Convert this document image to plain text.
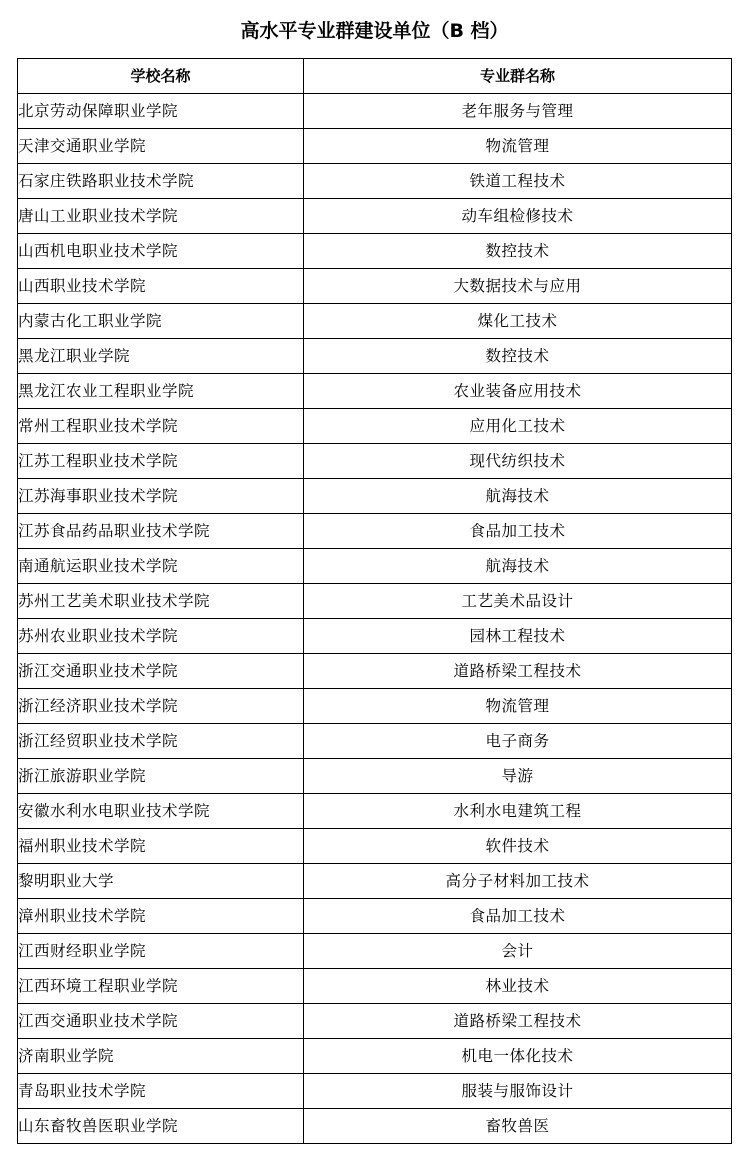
高水平专业群建设单位（B 档）
学校名称	专业群名称
北京劳动保障职业学院	老年服务与管理
天津交通职业学院	物流管理
石家庄铁路职业技术学院	铁道工程技术
唐山工业职业技术学院	动车组检修技术
山西机电职业技术学院	数控技术
山西职业技术学院	大数据技术与应用
内蒙古化工职业学院	煤化工技术
黑龙江职业学院	数控技术
黑龙江农业工程职业学院	农业装备应用技术
常州工程职业技术学院	应用化工技术
江苏工程职业技术学院	现代纺织技术
江苏海事职业技术学院	航海技术
江苏食品药品职业技术学院	食品加工技术
南通航运职业技术学院	航海技术
苏州工艺美术职业技术学院	工艺美术品设计
苏州农业职业技术学院	园林工程技术
浙江交通职业技术学院	道路桥梁工程技术
浙江经济职业技术学院	物流管理
浙江经贸职业技术学院	电子商务
浙江旅游职业学院	导游
安徽水利水电职业技术学院	水利水电建筑工程
福州职业技术学院	软件技术
黎明职业大学	高分子材料加工技术
漳州职业技术学院	食品加工技术
江西财经职业学院	会计
江西环境工程职业学院	林业技术
江西交通职业技术学院	道路桥梁工程技术
济南职业学院	机电一体化技术
青岛职业技术学院	服装与服饰设计
山东畜牧兽医职业学院	畜牧兽医
